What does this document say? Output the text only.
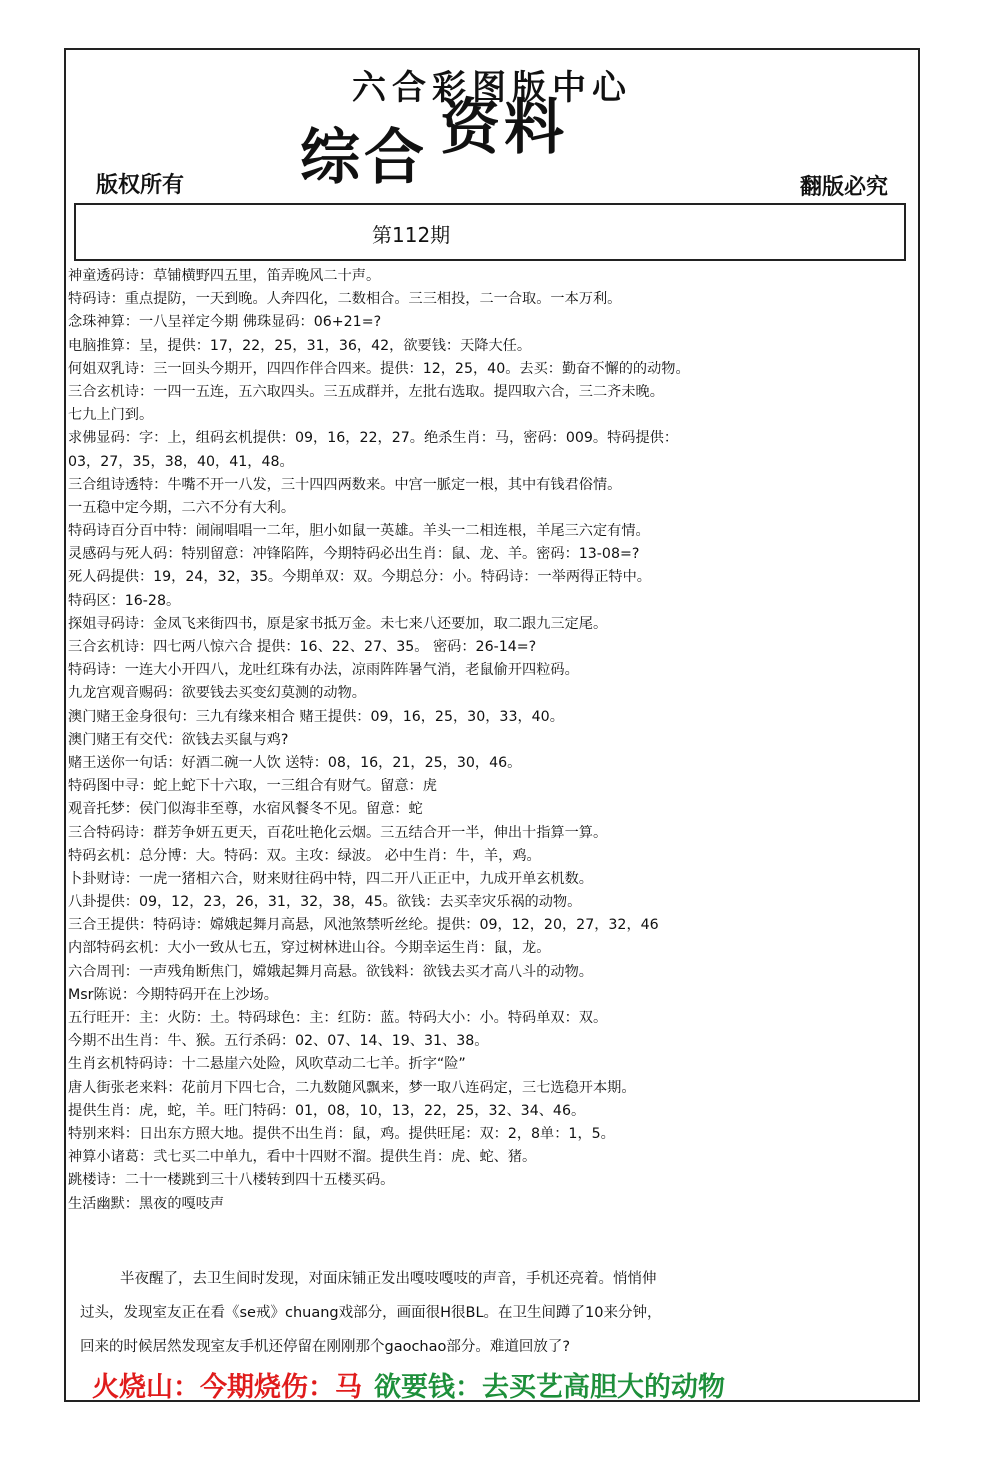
六合彩图版中心
综合 资料
版权所有	翻版必究
第112期
神童透码诗：草铺横野四五里，笛弄晚风二十声。
特码诗：重点提防，一天到晚。人奔四化，二数相合。三三相投，二一合取。一本万利。
念珠神算：一八呈祥定今期 佛珠显码：06+21=?
电脑推算：呈，提供：17，22，25，31，36，42，欲要钱：天降大任。
何姐双乳诗：三一回头今期开，四四作伴合四来。提供：12，25，40。去买：勤奋不懈的的动物。
三合玄机诗：一四一五连，五六取四头。三五成群并，左批右选取。提四取六合，三二齐未晚。
七九上门到。
求佛显码：字：上，组码玄机提供：09，16，22，27。绝杀生肖：马，密码：009。特码提供：
03，27，35，38，40，41，48。
三合组诗透特：牛嘴不开一八发，三十四四两数来。中宫一脈定一根，其中有钱君俗情。
一五稳中定今期，二六不分有大利。
特码诗百分百中特：闹闹唱唱一二年，胆小如鼠一英雄。羊头一二相连根，羊尾三六定有情。
灵感码与死人码：特别留意：冲锋陷阵，今期特码必出生肖：鼠、龙、羊。密码：13-08=?
死人码提供：19，24，32，35。今期单双：双。今期总分：小。特码诗：一举两得正特中。
特码区：16-28。
探姐寻码诗：金凤飞来街四书，原是家书抵万金。未七来八还要加，取二跟九三定尾。
三合玄机诗：四七两八惊六合 提供：16、22、27、35。 密码：26-14=?
特码诗：一连大小开四八，龙吐红珠有办法，凉雨阵阵暑气消，老鼠偷开四粒码。
九龙宫观音赐码：欲要钱去买变幻莫测的动物。
澳门赌王金身很句：三九有缘来相合 赌王提供：09，16，25，30，33，40。
澳门赌王有交代：欲钱去买鼠与鸡?
赌王送你一句话：好酒二碗一人饮 送特：08，16，21，25，30，46。
特码图中寻：蛇上蛇下十六取，一三组合有财气。留意：虎
观音托梦：侯门似海非至尊，水宿风餐冬不见。留意：蛇
三合特码诗：群芳争妍五更天，百花吐艳化云烟。三五结合开一半，伸出十指算一算。
特码玄机：总分博：大。特码：双。主攻：绿波。 必中生肖：牛，羊，鸡。
卜卦财诗：一虎一猪相六合，财来财往码中特，四二开八正正中，九成开单玄机数。
八卦提供：09，12，23，26，31，32，38，45。欲钱：去买幸灾乐祸的动物。
三合王提供：特码诗：嫦娥起舞月高悬，风池煞禁听丝纶。提供：09，12，20，27，32，46
内部特码玄机：大小一致从七五，穿过树林进山谷。今期幸运生肖：鼠，龙。
六合周刊：一声残角断焦门，嫦娥起舞月高悬。欲钱料：欲钱去买才高八斗的动物。
Msr陈说：今期特码开在上沙场。
五行旺开：主：火防：土。特码球色：主：红防：蓝。特码大小：小。特码单双：双。
今期不出生肖：牛、猴。五行杀码：02、07、14、19、31、38。
生肖玄机特码诗：十二悬崖六处险，风吹草动二七羊。折字“险”
唐人街张老来料：花前月下四七合，二九数随风飘来，梦一取八连码定，三七选稳开本期。
提供生肖：虎，蛇，羊。旺门特码：01，08，10，13，22，25，32、34、46。
特别来料：日出东方照大地。提供不出生肖：鼠，鸡。提供旺尾：双：2，8单：1，5。
神算小诸葛：弐七买二中单九，看中十四财不溜。提供生肖：虎、蛇、猪。
跳楼诗：二十一楼跳到三十八楼转到四十五楼买码。
生活幽默：黑夜的嘎吱声
半夜醒了，去卫生间时发现，对面床铺正发出嘎吱嘎吱的声音，手机还亮着。悄悄伸
过头，发现室友正在看《se戒》chuang戏部分，画面很H很BL。在卫生间蹲了10来分钟，
回来的时候居然发现室友手机还停留在刚刚那个gaochao部分。难道回放了?
火烧山：今期烧伤：马 欲要钱：去买艺高胆大的动物
